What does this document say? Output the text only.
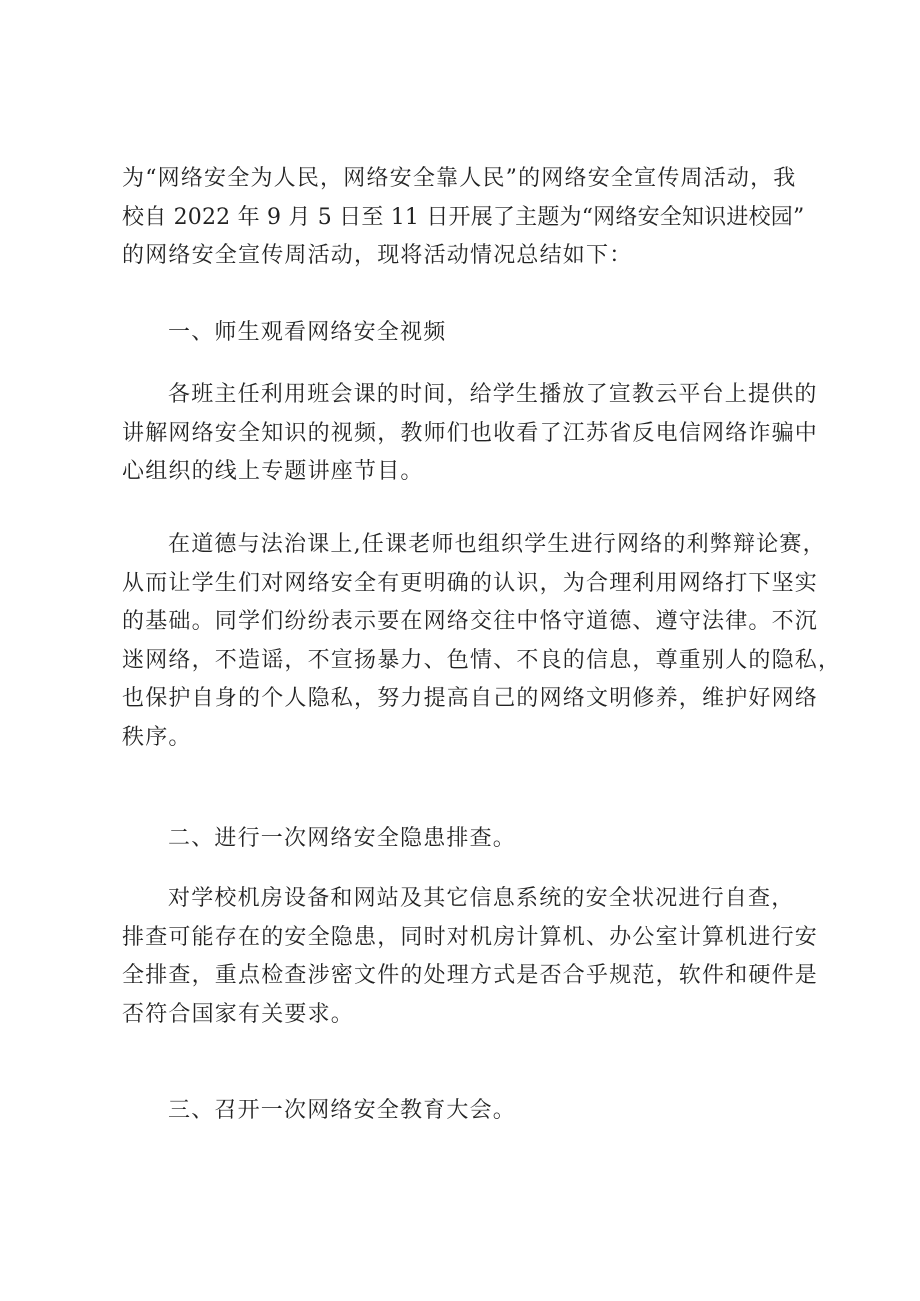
为“网络安全为人民，网络安全靠人民”的网络安全宣传周活动，我
校自 2022 年 9 月 5 日至 11 日开展了主题为“网络安全知识进校园”
的网络安全宣传周活动，现将活动情况总结如下：
一、师生观看网络安全视频
各班主任利用班会课的时间，给学生播放了宣教云平台上提供的
讲解网络安全知识的视频，教师们也收看了江苏省反电信网络诈骗中
心组织的线上专题讲座节目。
在道德与法治课上,任课老师也组织学生进行网络的利弊辩论赛，
从而让学生们对网络安全有更明确的认识，为合理利用网络打下坚实
的基础。同学们纷纷表示要在网络交往中恪守道德、遵守法律。不沉
迷网络，不造谣，不宣扬暴力、色情、不良的信息，尊重别人的隐私，
也保护自身的个人隐私，努力提高自己的网络文明修养，维护好网络
秩序。
二、进行一次网络安全隐患排查。
对学校机房设备和网站及其它信息系统的安全状况进行自查，
排查可能存在的安全隐患，同时对机房计算机、办公室计算机进行安
全排查，重点检查涉密文件的处理方式是否合乎规范，软件和硬件是
否符合国家有关要求。
三、召开一次网络安全教育大会。
